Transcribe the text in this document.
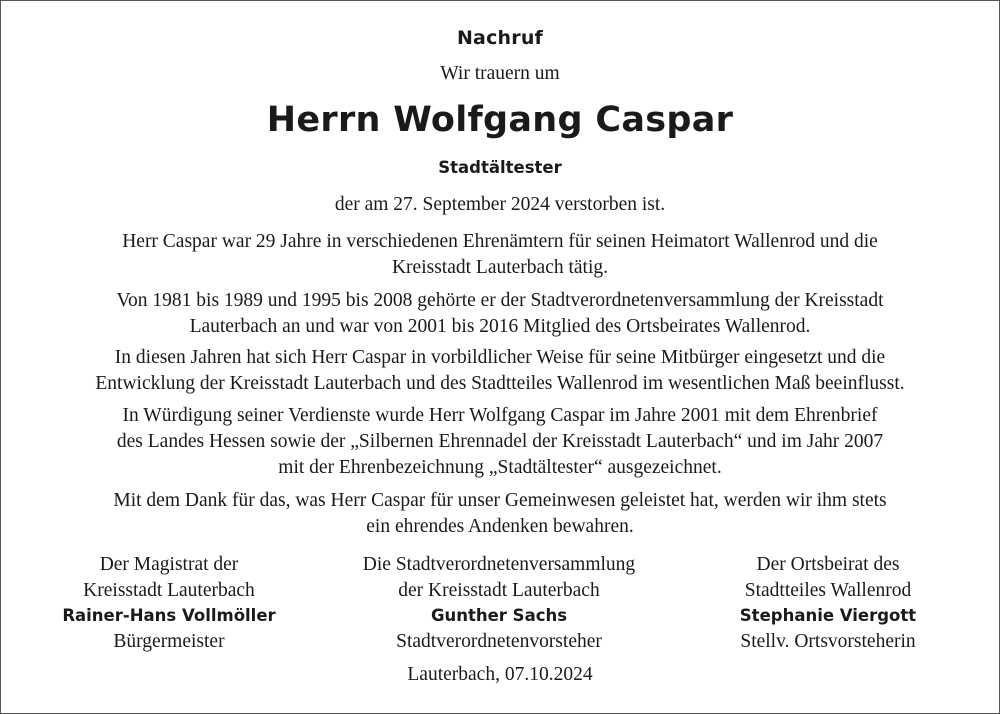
Nachruf
Wir trauern um
Herrn Wolfgang Caspar
Stadtältester
der am 27. September 2024 verstorben ist.
Herr Caspar war 29 Jahre in verschiedenen Ehrenämtern für seinen Heimatort Wallenrod und die
Kreisstadt Lauterbach tätig.
Von 1981 bis 1989 und 1995 bis 2008 gehörte er der Stadtverordnetenversammlung der Kreisstadt
Lauterbach an und war von 2001 bis 2016 Mitglied des Ortsbeirates Wallenrod.
In diesen Jahren hat sich Herr Caspar in vorbildlicher Weise für seine Mitbürger eingesetzt und die
Entwicklung der Kreisstadt Lauterbach und des Stadtteiles Wallenrod im wesentlichen Maß beeinflusst.
In Würdigung seiner Verdienste wurde Herr Wolfgang Caspar im Jahre 2001 mit dem Ehrenbrief
des Landes Hessen sowie der „Silbernen Ehrennadel der Kreisstadt Lauterbach“ und im Jahr 2007
mit der Ehrenbezeichnung „Stadtältester“ ausgezeichnet.
Mit dem Dank für das, was Herr Caspar für unser Gemeinwesen geleistet hat, werden wir ihm stets
ein ehrendes Andenken bewahren.
Der Magistrat der
Kreisstadt Lauterbach
Rainer-Hans Vollmöller
Bürgermeister
Die Stadtverordnetenversammlung
der Kreisstadt Lauterbach
Gunther Sachs
Stadtverordnetenvorsteher
Der Ortsbeirat des
Stadtteiles Wallenrod
Stephanie Viergott
Stellv. Ortsvorsteherin
Lauterbach, 07.10.2024
